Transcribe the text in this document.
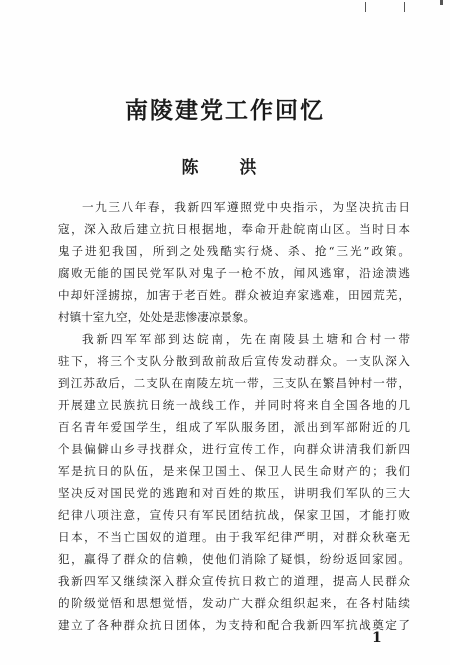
南陵建党工作回忆
陈　洪
一九三八年春，我新四军遵照党中央指示，为坚决抗击日
寇，深入敌后建立抗日根据地，奉命开赴皖南山区。当时日本
鬼子进犯我国，所到之处残酷实行烧、杀、抢“三光”政策。
腐败无能的国民党军队对鬼子一枪不放，闻风逃窜，沿途溃逃
中却奸淫掳掠，加害于老百姓。群众被迫弃家逃难，田园荒芜，
村镇十室九空，处处是悲惨凄凉景象。
我新四军军部到达皖南，先在南陵县土塘和合村一带
驻下，将三个支队分散到敌前敌后宣传发动群众。一支队深入
到江苏敌后，二支队在南陵左坑一带，三支队在繁昌钟村一带，
开展建立民族抗日统一战线工作，并同时将来自全国各地的几
百名青年爱国学生，组成了军队服务团，派出到军部附近的几
个县偏僻山乡寻找群众，进行宣传工作，向群众讲清我们新四
军是抗日的队伍，是来保卫国土、保卫人民生命财产的；我们
坚决反对国民党的逃跑和对百姓的欺压，讲明我们军队的三大
纪律八项注意，宣传只有军民团结抗战，保家卫国，才能打败
日本，不当亡国奴的道理。由于我军纪律严明，对群众秋毫无
犯，赢得了群众的信赖，使他们消除了疑惧，纷纷返回家园。
我新四军又继续深入群众宣传抗日救亡的道理，提高人民群众
的阶级觉悟和思想觉悟，发动广大群众组织起来，在各村陆续
建立了各种群众抗日团体，为支持和配合我新四军抗战奠定了
1
